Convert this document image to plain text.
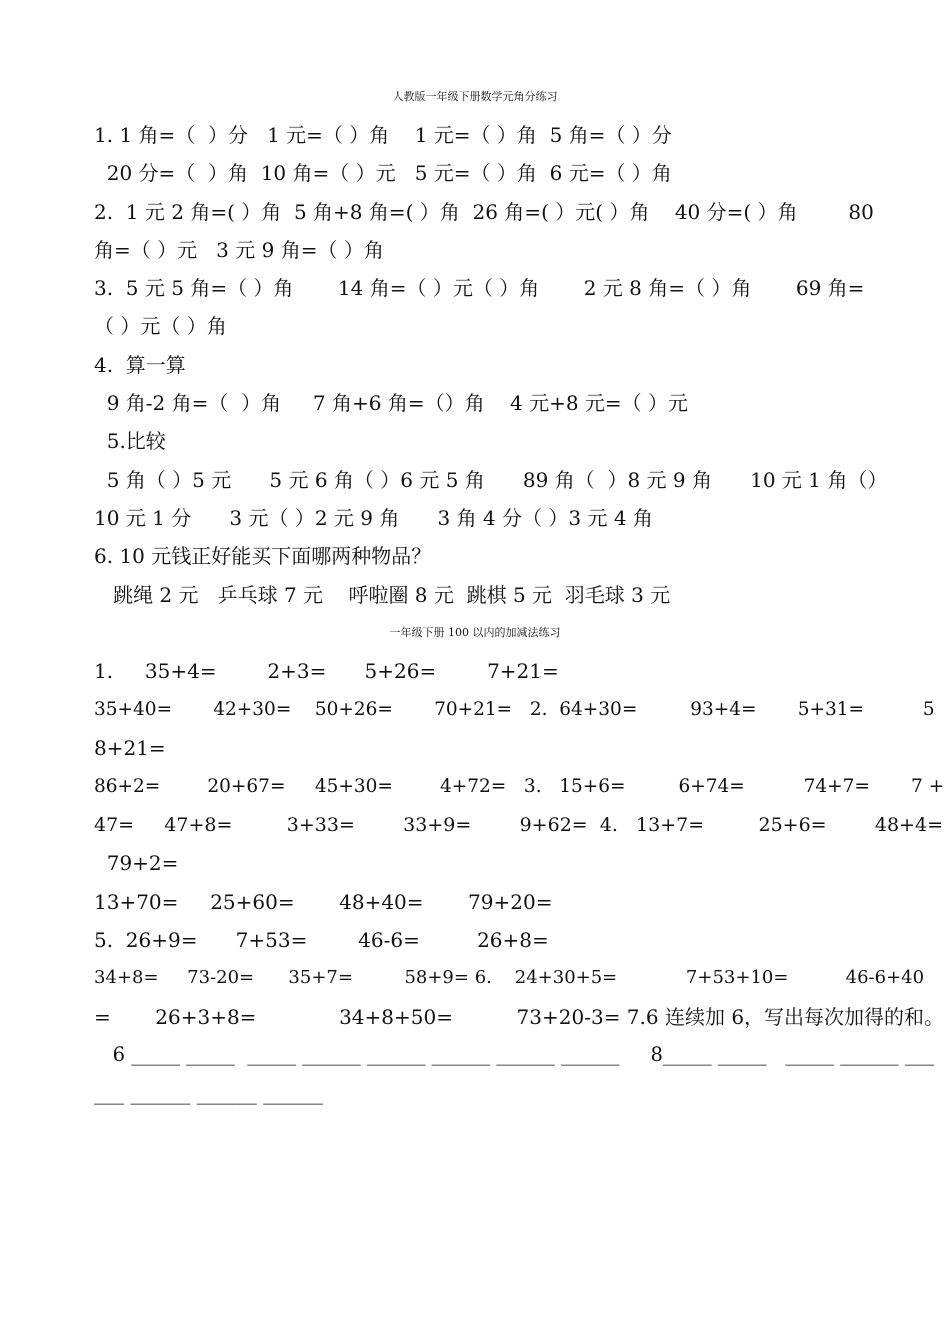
人教版一年级下册数学元角分练习
1. 1 角=（  ）分   1 元=（ ）角    1 元=（ ）角  5 角=（ ）分
20 分=（  ）角  10 角=（ ）元   5 元=（ ）角  6 元=（ ）角
2.  1 元 2 角=( ）角  5 角+8 角=( ）角  26 角=( ）元( ）角    40 分=( ）角        80
角=（ ）元   3 元 9 角=（ ）角
3.  5 元 5 角=（ ）角       14 角=（ ）元（ ）角       2 元 8 角=（ ）角       69 角=
（ ）元（ ）角
4.  算一算
9 角-2 角=（  ）角     7 角+6 角=（）角    4 元+8 元=（ ）元
5.比较
5 角（ ）5 元      5 元 6 角（ ）6 元 5 角      89 角（  ）8 元 9 角      10 元 1 角（）
10 元 1 分      3 元（ ）2 元 9 角      3 角 4 分（ ）3 元 4 角
6. 10 元钱正好能买下面哪两种物品？
跳绳 2 元   乒乓球 7 元    呼啦圈 8 元  跳棋 5 元  羽毛球 3 元
一年级下册 100 以内的加减法练习
1.     35+4=        2+3=      5+26=        7+21=
35+40=       42+30=    50+26=       70+21=   2.  64+30=         93+4=       5+31=          5
8+21=
86+2=        20+67=     45+30=        4+72=   3.   15+6=         6+74=          74+7=       7 +
47=     47+8=         3+33=        33+9=        9+62=  4.   13+7=         25+6=        48+4=
79+2=
13+70=     25+60=       48+40=       79+20=
5.  26+9=      7+53=        46-6=         26+8=
34+8=     73-20=      35+7=         58+9= 6.    24+30+5=            7+53+10=          46-6+40
=       26+3+8=             34+8+50=          73+20-3= 7.6 连续加 6，写出每次加得的和。
6 _____ _____  _____ ______ ______ ______ ______ ______     8_____ _____   _____ ______ ___
___ ______ ______ ______
